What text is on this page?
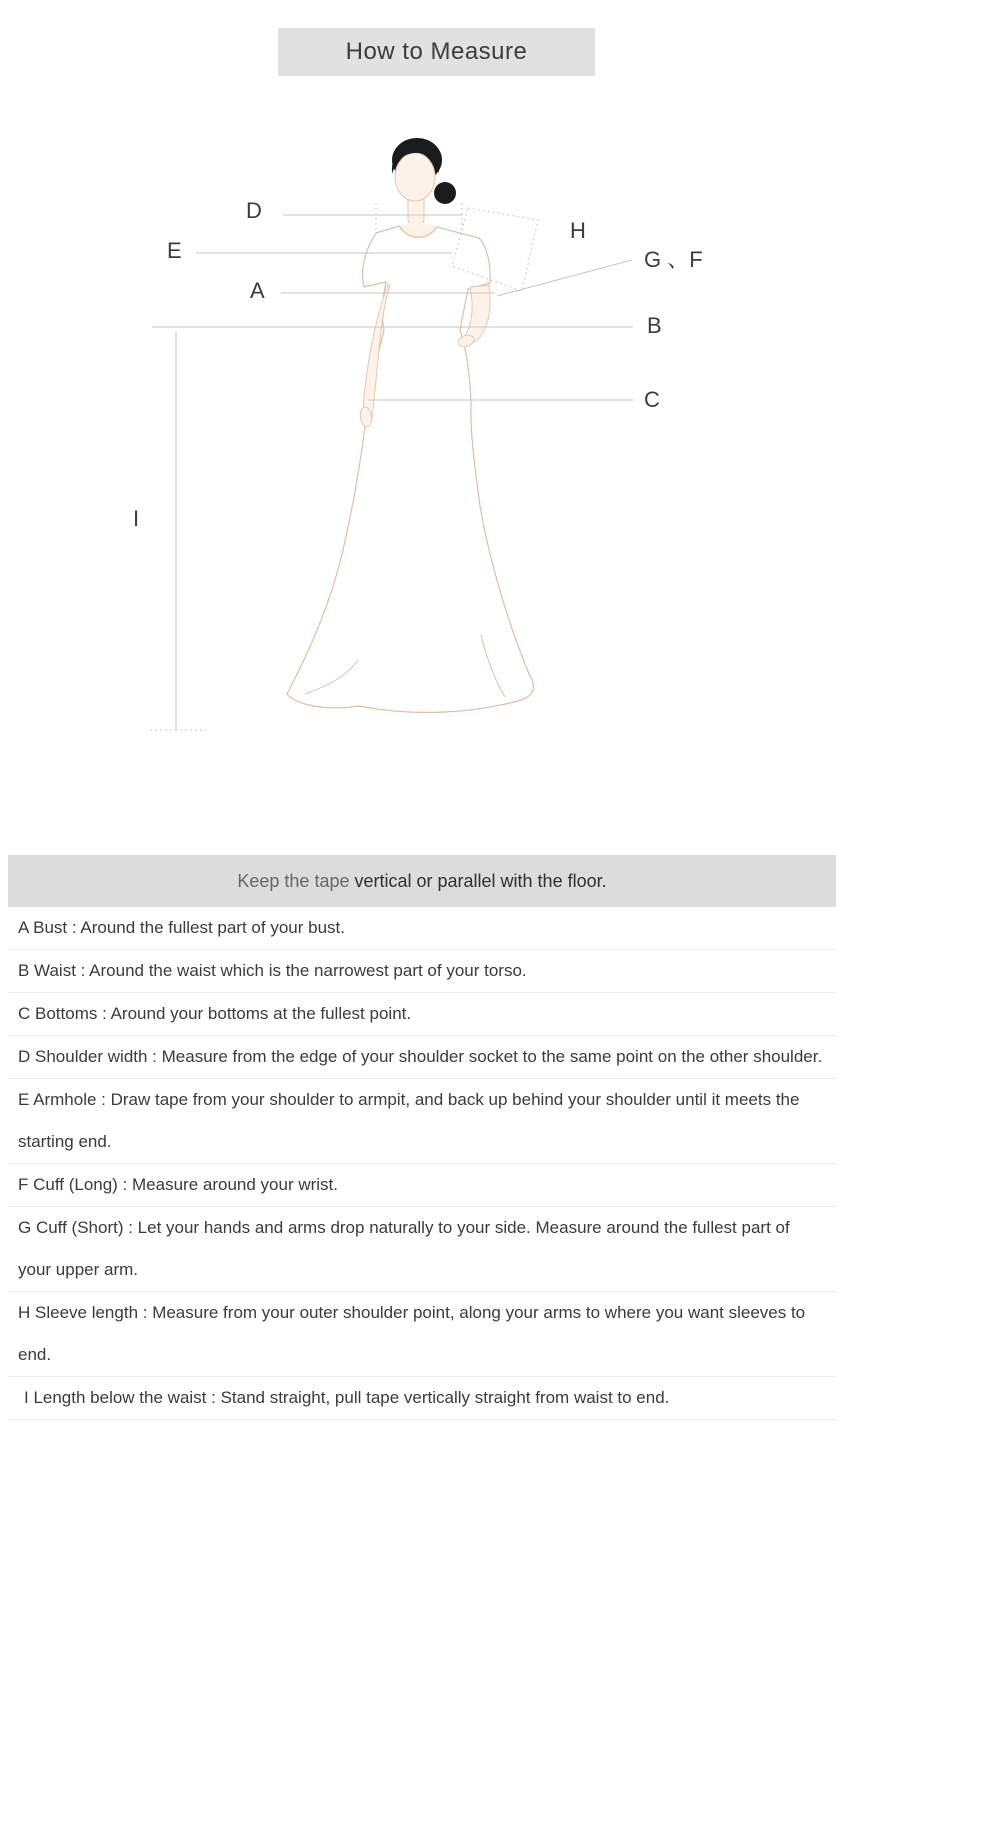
How to Measure
D
E
A
H
G 、F
B
C
I
Keep the tape vertical or parallel with the floor.
A Bust : Around the fullest part of your bust.
B Waist : Around the waist which is the narrowest part of your torso.
C Bottoms : Around your bottoms at the fullest point.
D Shoulder width : Measure from the edge of your shoulder socket to the same point on the other shoulder.
E Armhole : Draw tape from your shoulder to armpit, and back up behind your shoulder until it meets the starting end.
F Cuff (Long) : Measure around your wrist.
G Cuff (Short) : Let your hands and arms drop naturally to your side. Measure around the fullest part of your upper arm.
H Sleeve length : Measure from your outer shoulder point, along your arms to where you want sleeves to end.
I Length below the waist : Stand straight, pull tape vertically straight from waist to end.
